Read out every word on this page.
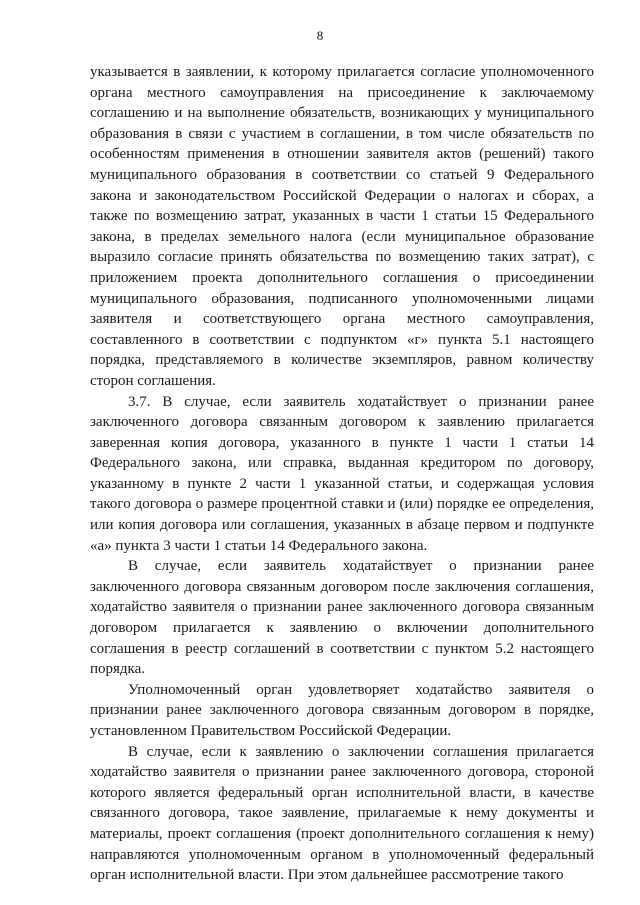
8

указывается в заявлении, к которому прилагается согласие уполномоченного органа местного самоуправления на присоединение к заключаемому соглашению и на выполнение обязательств, возникающих у муниципального образования в связи с участием в соглашении, в том числе обязательств по особенностям применения в отношении заявителя актов (решений) такого муниципального образования в соответствии со статьей 9 Федерального закона и законодательством Российской Федерации о налогах и сборах, а также по возмещению затрат, указанных в части 1 статьи 15 Федерального закона, в пределах земельного налога (если муниципальное образование выразило согласие принять обязательства по возмещению таких затрат), с приложением проекта дополнительного соглашения о присоединении муниципального образования, подписанного уполномоченными лицами заявителя и соответствующего органа местного самоуправления, составленного в соответствии с подпунктом «г» пункта 5.1 настоящего порядка, представляемого в количестве экземпляров, равном количеству сторон соглашения.

3.7. В случае, если заявитель ходатайствует о признании ранее заключенного договора связанным договором к заявлению прилагается заверенная копия договора, указанного в пункте 1 части 1 статьи 14 Федерального закона, или справка, выданная кредитором по договору, указанному в пункте 2 части 1 указанной статьи, и содержащая условия такого договора о размере процентной ставки и (или) порядке ее определения, или копия договора или соглашения, указанных в абзаце первом и подпункте «а» пункта 3 части 1 статьи 14 Федерального закона.

В случае, если заявитель ходатайствует о признании ранее заключенного договора связанным договором после заключения соглашения, ходатайство заявителя о признании ранее заключенного договора связанным договором прилагается к заявлению о включении дополнительного соглашения в реестр соглашений в соответствии с пунктом 5.2 настоящего порядка.

Уполномоченный орган удовлетворяет ходатайство заявителя о признании ранее заключенного договора связанным договором в порядке, установленном Правительством Российской Федерации.

В случае, если к заявлению о заключении соглашения прилагается ходатайство заявителя о признании ранее заключенного договора, стороной которого является федеральный орган исполнительной власти, в качестве связанного договора, такое заявление, прилагаемые к нему документы и материалы, проект соглашения (проект дополнительного соглашения к нему) направляются уполномоченным органом в уполномоченный федеральный орган исполнительной власти. При этом дальнейшее рассмотрение такого
